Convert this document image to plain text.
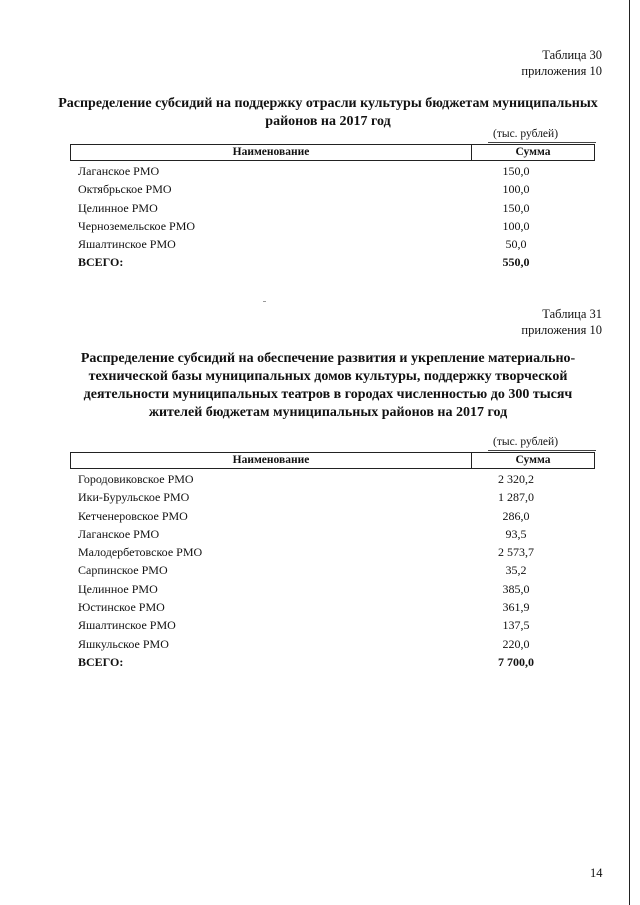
Таблица 30
приложения 10
Распределение субсидий на поддержку отрасли культуры бюджетам муниципальных районов на 2017 год
(тыс. рублей)
Наименование	Сумма
Лаганское РМО	150,0
Октябрьское РМО	100,0
Целинное РМО	150,0
Черноземельское РМО	100,0
Яшалтинское РМО	50,0
ВСЕГО:	550,0
Таблица 31
приложения 10
Распределение субсидий на обеспечение развития и укрепление материально-технической базы муниципальных домов культуры, поддержку творческой деятельности муниципальных театров в городах численностью до 300 тысяч жителей бюджетам муниципальных районов на 2017 год
(тыс. рублей)
Наименование	Сумма
Городовиковское РМО	2 320,2
Ики-Бурульское РМО	1 287,0
Кетченеровское РМО	286,0
Лаганское РМО	93,5
Малодербетовское РМО	2 573,7
Сарпинское РМО	35,2
Целинное РМО	385,0
Юстинское РМО	361,9
Яшалтинское РМО	137,5
Яшкульское РМО	220,0
ВСЕГО:	7 700,0
14
